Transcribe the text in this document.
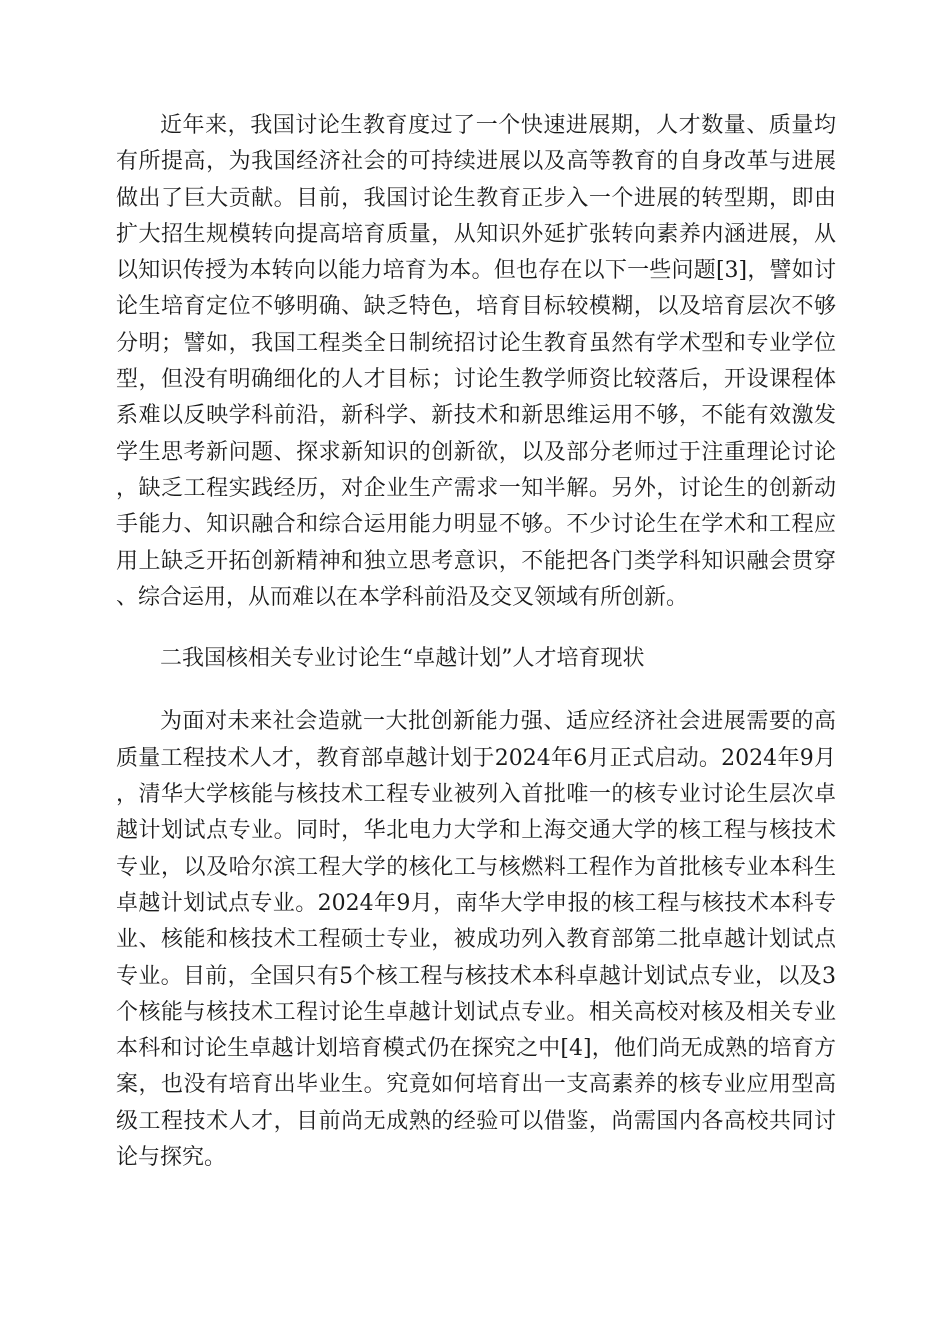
近年来，我国讨论生教育度过了一个快速进展期，人才数量、质量均有所提高，为我国经济社会的可持续进展以及高等教育的自身改革与进展做出了巨大贡献。目前，我国讨论生教育正步入一个进展的转型期，即由扩大招生规模转向提高培育质量，从知识外延扩张转向素养内涵进展，从以知识传授为本转向以能力培育为本。但也存在以下一些问题[3]，譬如讨论生培育定位不够明确、缺乏特色，培育目标较模糊，以及培育层次不够分明；譬如，我国工程类全日制统招讨论生教育虽然有学术型和专业学位型，但没有明确细化的人才目标；讨论生教学师资比较落后，开设课程体系难以反映学科前沿，新科学、新技术和新思维运用不够，不能有效激发学生思考新问题、探求新知识的创新欲，以及部分老师过于注重理论讨论，缺乏工程实践经历，对企业生产需求一知半解。另外，讨论生的创新动手能力、知识融合和综合运用能力明显不够。不少讨论生在学术和工程应用上缺乏开拓创新精神和独立思考意识，不能把各门类学科知识融会贯穿、综合运用，从而难以在本学科前沿及交叉领域有所创新。

二我国核相关专业讨论生“卓越计划”人才培育现状

为面对未来社会造就一大批创新能力强、适应经济社会进展需要的高质量工程技术人才，教育部卓越计划于2024年6月正式启动。2024年9月，清华大学核能与核技术工程专业被列入首批唯一的核专业讨论生层次卓越计划试点专业。同时，华北电力大学和上海交通大学的核工程与核技术专业，以及哈尔滨工程大学的核化工与核燃料工程作为首批核专业本科生卓越计划试点专业。2024年9月，南华大学申报的核工程与核技术本科专业、核能和核技术工程硕士专业，被成功列入教育部第二批卓越计划试点专业。目前，全国只有5个核工程与核技术本科卓越计划试点专业，以及3个核能与核技术工程讨论生卓越计划试点专业。相关高校对核及相关专业本科和讨论生卓越计划培育模式仍在探究之中[4]，他们尚无成熟的培育方案，也没有培育出毕业生。究竟如何培育出一支高素养的核专业应用型高级工程技术人才，目前尚无成熟的经验可以借鉴，尚需国内各高校共同讨论与探究。
